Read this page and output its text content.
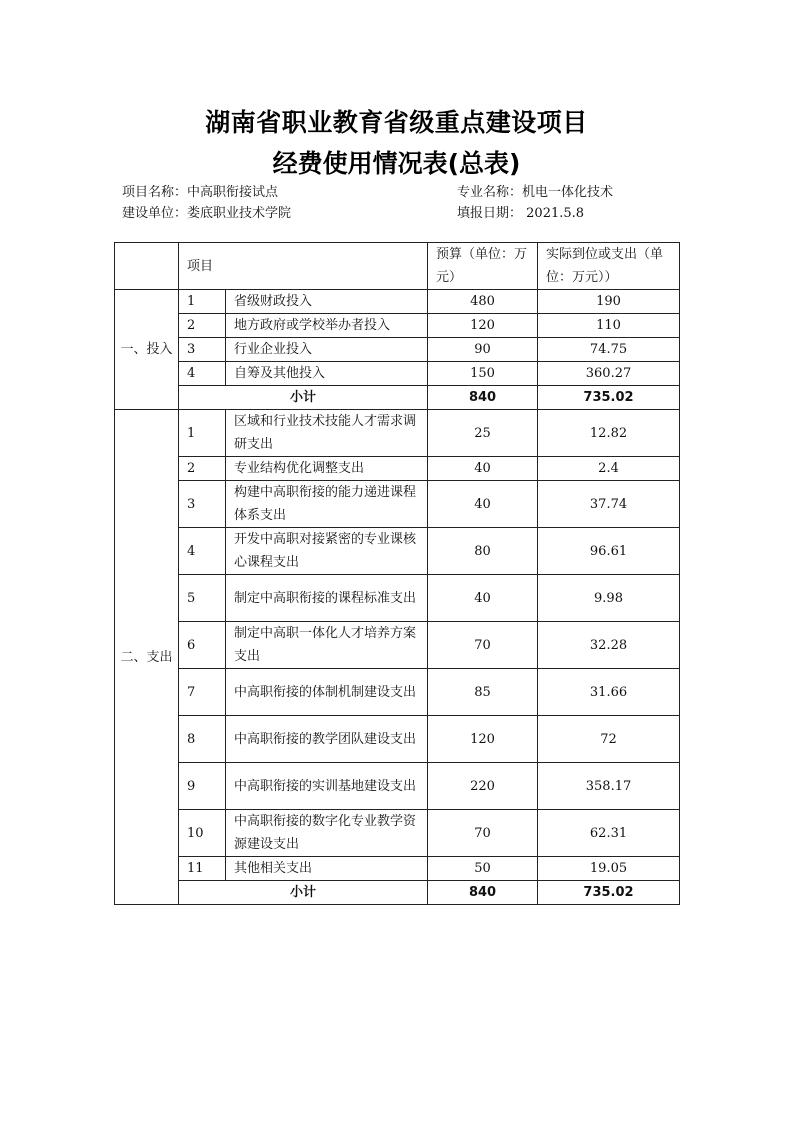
湖南省职业教育省级重点建设项目
经费使用情况表(总表)
项目名称：中高职衔接试点	专业名称：机电一体化技术
建设单位：娄底职业技术学院	填报日期： 2021.5.8
	项目		预算（单位：万元）	实际到位或支出（单位：万元））
一、投入	1	省级财政投入	480	190
	2	地方政府或学校举办者投入	120	110
	3	行业企业投入	90	74.75
	4	自筹及其他投入	150	360.27
	小计		840	735.02
二、支出	1	区域和行业技术技能人才需求调研支出	25	12.82
	2	专业结构优化调整支出	40	2.4
	3	构建中高职衔接的能力递进课程体系支出	40	37.74
	4	开发中高职对接紧密的专业课核心课程支出	80	96.61
	5	制定中高职衔接的课程标准支出	40	9.98
	6	制定中高职一体化人才培养方案支出	70	32.28
	7	中高职衔接的体制机制建设支出	85	31.66
	8	中高职衔接的教学团队建设支出	120	72
	9	中高职衔接的实训基地建设支出	220	358.17
	10	中高职衔接的数字化专业教学资源建设支出	70	62.31
	11	其他相关支出	50	19.05
	小计		840	735.02
